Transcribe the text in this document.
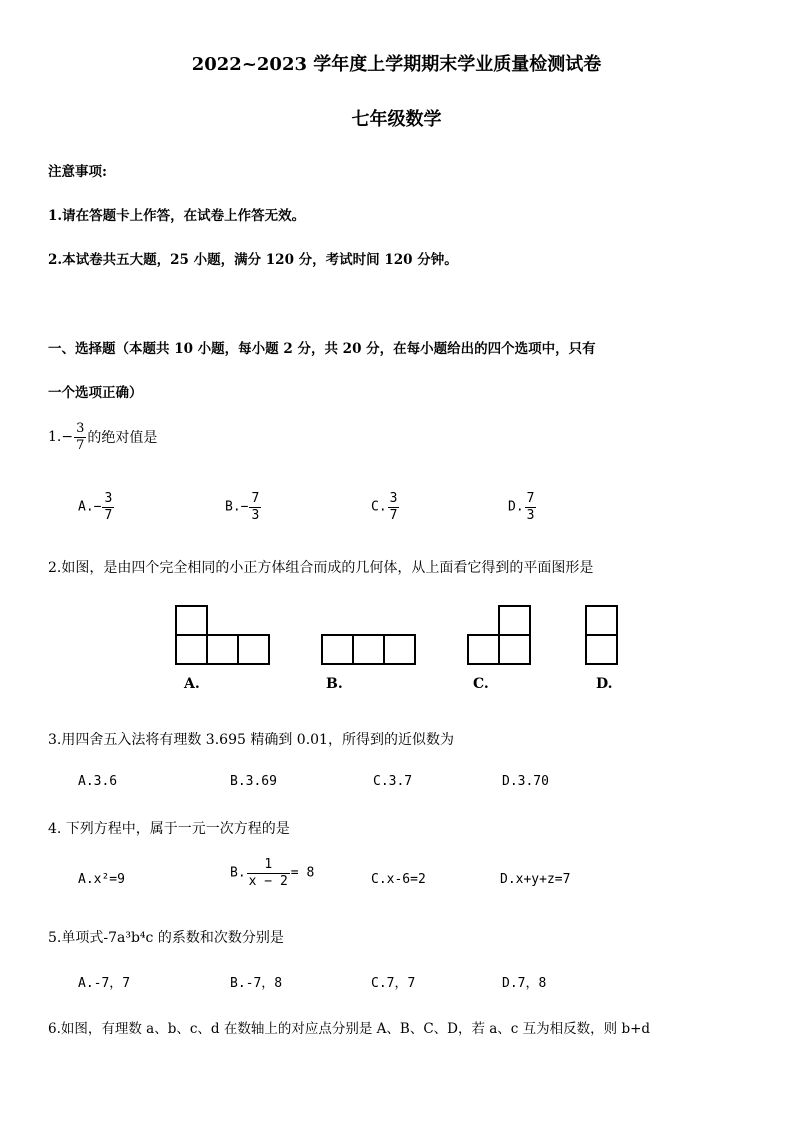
2022~2023 学年度上学期期末学业质量检测试卷
七年级数学
注意事项:
1.请在答题卡上作答，在试卷上作答无效。
2.本试卷共五大题，25 小题，满分 120 分，考试时间 120 分钟。
一、选择题（本题共 10 小题，每小题 2 分，共 20 分，在每小题给出的四个选项中，只有
一个选项正确）
$1.- \frac{3}{7}$ 的绝对值是
$A.- \frac{3}{7}$	$B.- \frac{7}{3}$	C. $\frac{3}{7}$	D. $\frac{7}{3}$
2.如图，是由四个完全相同的小正方体组合而成的几何体，从上面看它得到的平面图形是
A.	B.	C.	D.
3.用四舍五入法将有理数 3.695 精确到 0.01，所得到的近似数为
A.3.6	B.3.69	C.3.7	D.3.70
4. 下列方程中，属于一元一次方程的是
A.x²=9	B. $\frac{1}{x - 2} = 8$	C.x-6=2	D.x+y+z=7
5.单项式-7a³b⁴c 的系数和次数分别是
A.-7，7	B.-7，8	C.7，7	D.7，8
6.如图，有理数 a、b、c、d 在数轴上的对应点分别是 A、B、C、D，若 a、c 互为相反数，则 b+d
